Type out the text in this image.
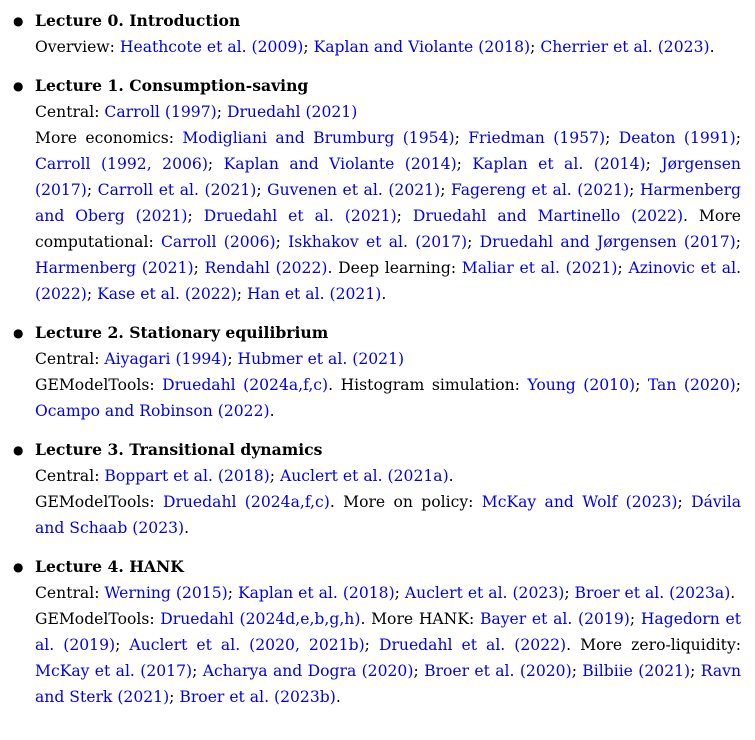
● Lecture 0. Introduction
Overview: Heathcote et al. (2009); Kaplan and Violante (2018); Cherrier et al. (2023).
● Lecture 1. Consumption-saving
Central: Carroll (1997); Druedahl (2021)
More economics: Modigliani and Brumburg (1954); Friedman (1957); Deaton (1991); Carroll (1992, 2006); Kaplan and Violante (2014); Kaplan et al. (2014); Jørgensen (2017); Carroll et al. (2021); Guvenen et al. (2021); Fagereng et al. (2021); Harmenberg and Oberg (2021); Druedahl et al. (2021); Druedahl and Martinello (2022). More computational: Carroll (2006); Iskhakov et al. (2017); Druedahl and Jørgensen (2017); Harmenberg (2021); Rendahl (2022). Deep learning: Maliar et al. (2021); Azinovic et al. (2022); Kase et al. (2022); Han et al. (2021).
● Lecture 2. Stationary equilibrium
Central: Aiyagari (1994); Hubmer et al. (2021)
GEModelTools: Druedahl (2024a,f,c). Histogram simulation: Young (2010); Tan (2020); Ocampo and Robinson (2022).
● Lecture 3. Transitional dynamics
Central: Boppart et al. (2018); Auclert et al. (2021a).
GEModelTools: Druedahl (2024a,f,c). More on policy: McKay and Wolf (2023); Dávila and Schaab (2023).
● Lecture 4. HANK
Central: Werning (2015); Kaplan et al. (2018); Auclert et al. (2023); Broer et al. (2023a).
GEModelTools: Druedahl (2024d,e,b,g,h). More HANK: Bayer et al. (2019); Hagedorn et al. (2019); Auclert et al. (2020, 2021b); Druedahl et al. (2022). More zero-liquidity: McKay et al. (2017); Acharya and Dogra (2020); Broer et al. (2020); Bilbiie (2021); Ravn and Sterk (2021); Broer et al. (2023b).
